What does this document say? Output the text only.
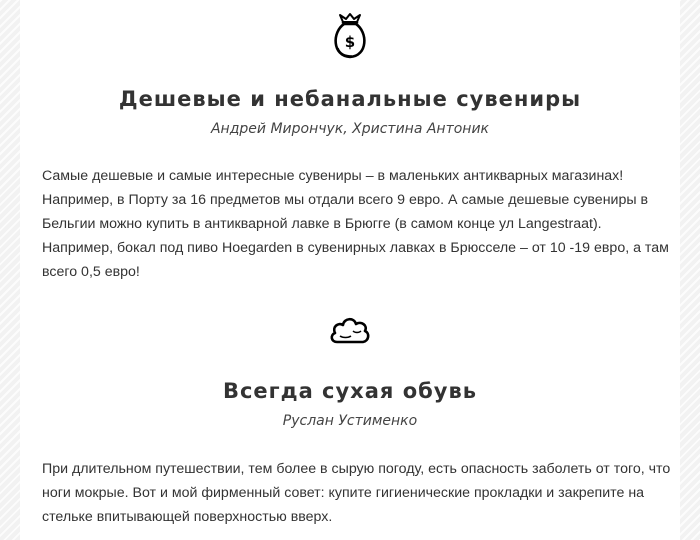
$
Дешевые и небанальные сувениры

Андрей Мирончук, Христина Антоник

Самые дешевые и самые интересные сувениры – в маленьких антикварных магазинах! Например, в Порту за 16 предметов мы отдали всего 9 евро. А самые дешевые сувениры в Бельгии можно купить в антикварной лавке в Брюгге (в самом конце ул Langestraat). Например, бокал под пиво Hoegarden в сувенирных лавках в Брюсселе – от 10 -19 евро, а там всего 0,5 евро!

Всегда сухая обувь

Руслан Устименко

При длительном путешествии, тем более в сырую погоду, есть опасность заболеть от того, что ноги мокрые. Вот и мой фирменный совет: купите гигиенические прокладки и закрепите на стельке впитывающей поверхностью вверх.
